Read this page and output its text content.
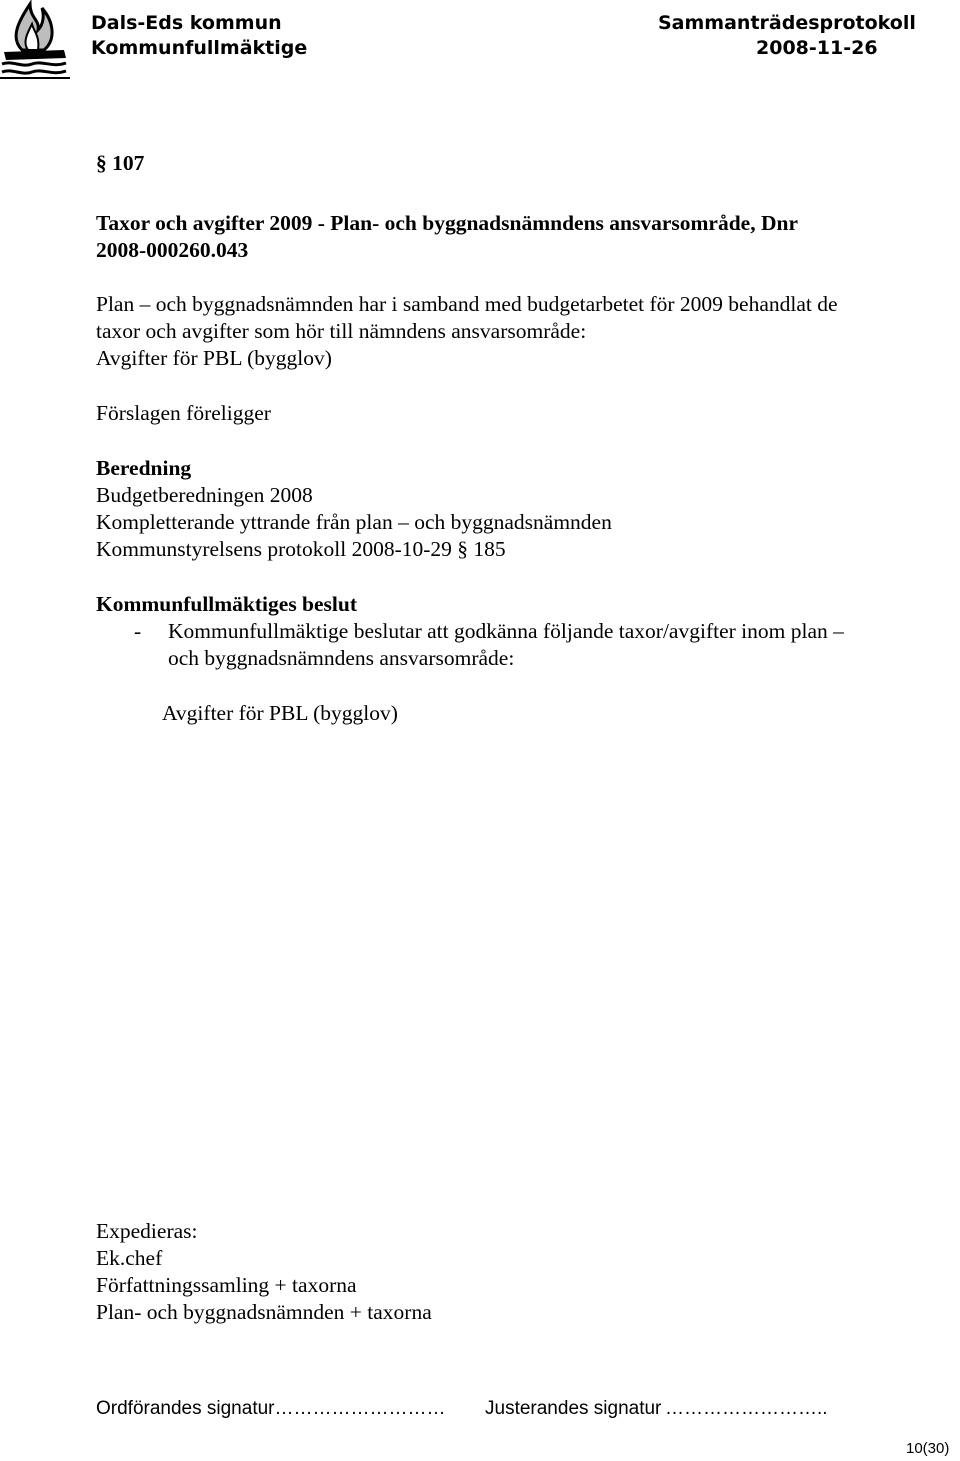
Dals-Eds kommun
Kommunfullmäktige
Sammanträdesprotokoll
2008-11-26
§ 107
Taxor och avgifter 2009 - Plan- och byggnadsnämndens ansvarsområde, Dnr
2008-000260.043
Plan – och byggnadsnämnden har i samband med budgetarbetet för 2009 behandlat de
taxor och avgifter som hör till nämndens ansvarsområde:
Avgifter för PBL (bygglov)
Förslagen föreligger
Beredning
Budgetberedningen 2008
Kompletterande yttrande från plan – och byggnadsnämnden
Kommunstyrelsens protokoll 2008-10-29 § 185
Kommunfullmäktiges beslut
- Kommunfullmäktige beslutar att godkänna följande taxor/avgifter inom plan –
och byggnadsnämndens ansvarsområde:
Avgifter för PBL (bygglov)
Expedieras:
Ek.chef
Författningssamling + taxorna
Plan- och byggnadsnämnden + taxorna
Ordförandes signatur……………………… Justerandes signatur ……………………..
10(30)
